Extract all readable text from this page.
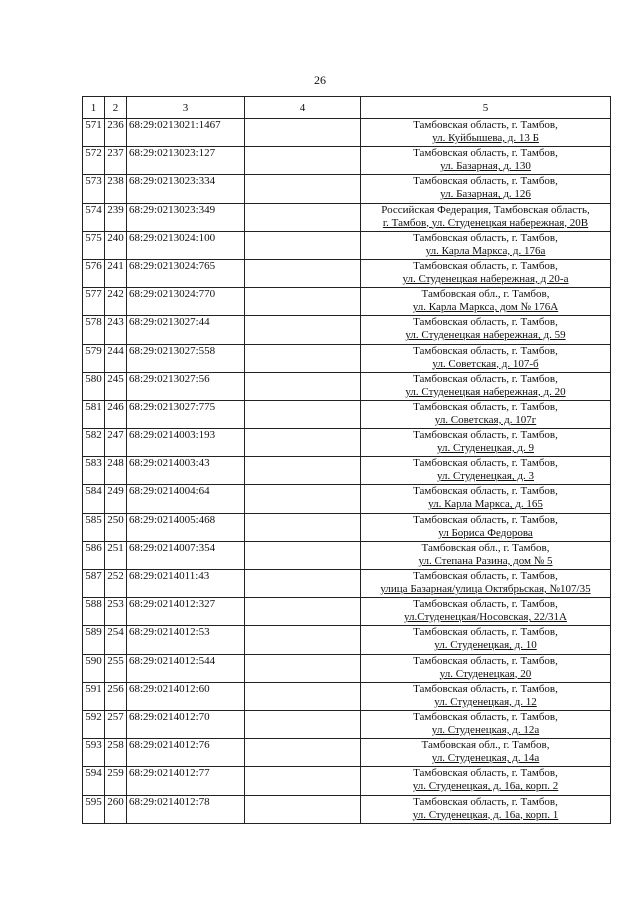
26
1	2	3	4	5
571	236	68:29:0213021:1467		Тамбовская область, г. Тамбов,
ул. Куйбышева, д. 13 Б

572	237	68:29:0213023:127		Тамбовская область, г. Тамбов,
ул. Базарная, д. 130

573	238	68:29:0213023:334		Тамбовская область, г. Тамбов,
ул. Базарная, д. 126

574	239	68:29:0213023:349		Российская Федерация, Тамбовская область,
г. Тамбов, ул. Студенецкая набережная, 20В

575	240	68:29:0213024:100		Тамбовская область, г. Тамбов,
ул. Карла Маркса, д. 176а

576	241	68:29:0213024:765		Тамбовская область, г. Тамбов,
ул. Студенецкая набережная, д 20-а

577	242	68:29:0213024:770		Тамбовская обл., г. Тамбов,
ул. Карла Маркса, дом № 176А

578	243	68:29:0213027:44		Тамбовская область, г. Тамбов,
ул. Студенецкая набережная, д. 59

579	244	68:29:0213027:558		Тамбовская область, г. Тамбов,
ул. Советская, д. 107-б

580	245	68:29:0213027:56		Тамбовская область, г. Тамбов,
ул. Студенецкая набережная, д. 20

581	246	68:29:0213027:775		Тамбовская область, г. Тамбов,
ул. Советская, д. 107г

582	247	68:29:0214003:193		Тамбовская область, г. Тамбов,
ул. Студенецкая, д. 9

583	248	68:29:0214003:43		Тамбовская область, г. Тамбов,
ул. Студенецкая, д. 3

584	249	68:29:0214004:64		Тамбовская область, г. Тамбов,
ул. Карла Маркса, д. 165

585	250	68:29:0214005:468		Тамбовская область, г. Тамбов,
ул Бориса Федорова

586	251	68:29:0214007:354		Тамбовская обл., г. Тамбов,
ул. Степана Разина, дом № 5

587	252	68:29:0214011:43		Тамбовская область, г. Тамбов,
улица Базарная/улица Октябрьская, №107/35

588	253	68:29:0214012:327		Тамбовская область, г. Тамбов,
ул.Студенецкая/Носовская, 22/31А

589	254	68:29:0214012:53		Тамбовская область, г. Тамбов,
ул. Студенецкая, д. 10

590	255	68:29:0214012:544		Тамбовская область, г. Тамбов,
ул. Студенецкая, 20

591	256	68:29:0214012:60		Тамбовская область, г. Тамбов,
ул. Студенецкая, д. 12

592	257	68:29:0214012:70		Тамбовская область, г. Тамбов,
ул. Студенецкая, д. 12а

593	258	68:29:0214012:76		Тамбовская обл., г. Тамбов,
ул. Студенецкая, д. 14а

594	259	68:29:0214012:77		Тамбовская область, г. Тамбов,
ул. Студенецкая, д. 16а, корп. 2

595	260	68:29:0214012:78		Тамбовская область, г. Тамбов,
ул. Студенецкая, д. 16а, корп. 1
